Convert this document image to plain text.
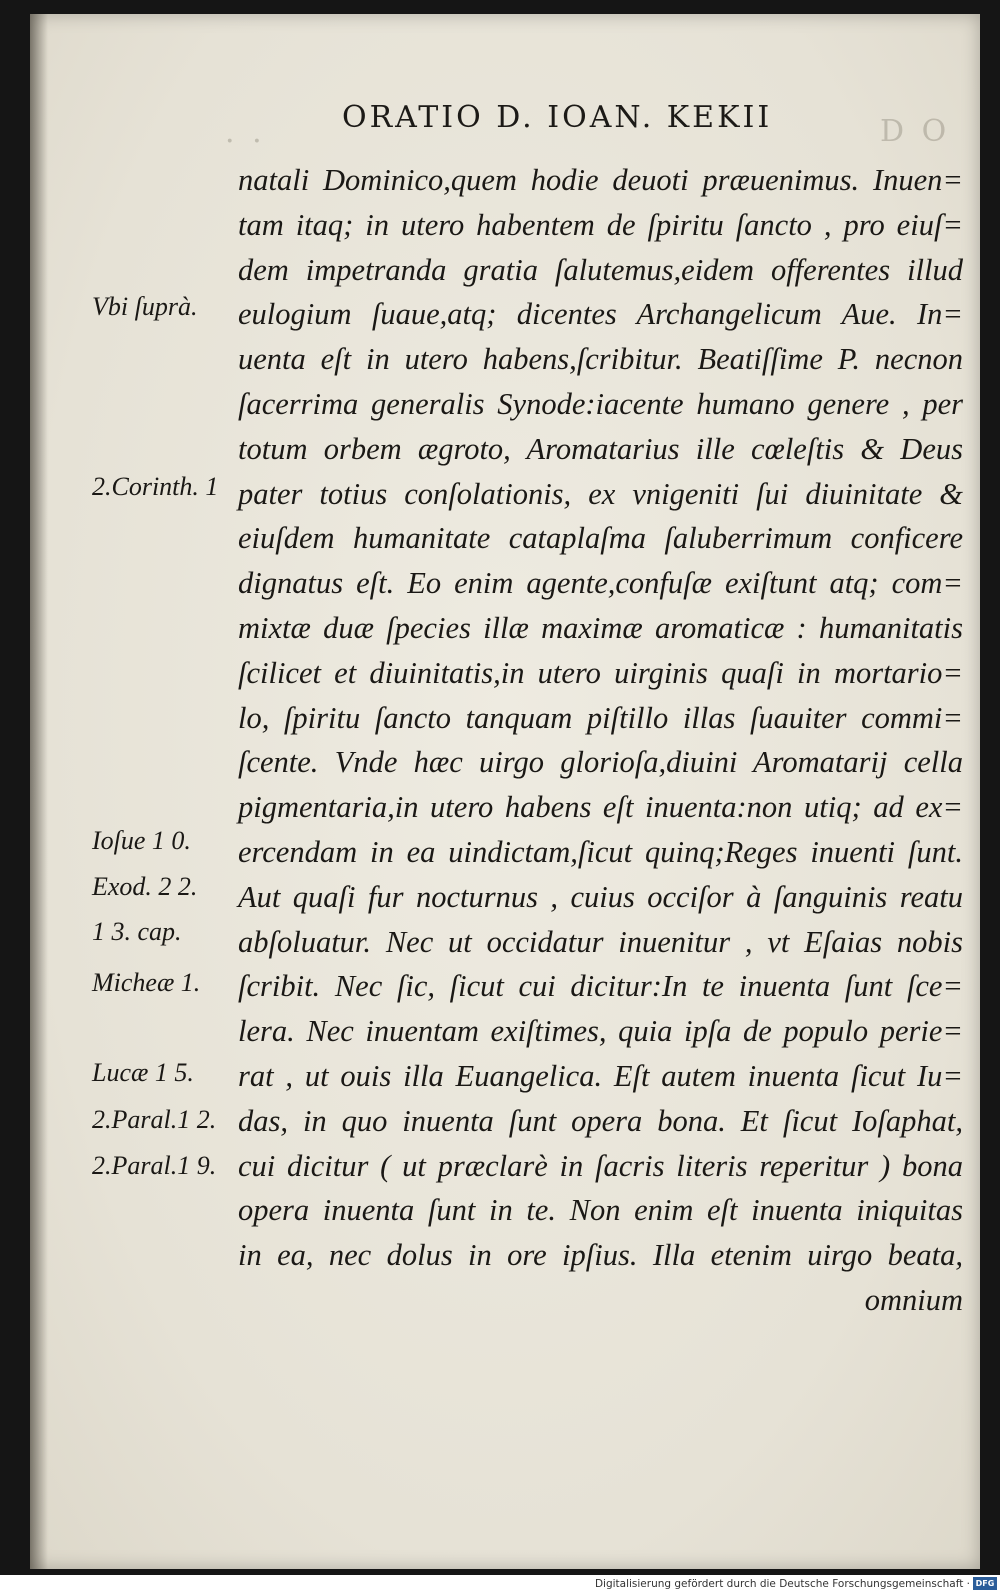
· ·	D O
ORATIO D. IOAN. KEKII
Vbi ſuprà.
2.Corinth. 1
Ioſue 1 0.
Exod. 2 2.
1 3. cap.
Micheæ 1.
Lucæ 1 5.
2.Paral.1 2.
2.Paral.1 9.
natali Dominico,quem hodie deuoti præuenimus. Inuen=
tam itaq; in utero habentem de ſpiritu ſancto , pro eiuſ=
dem impetranda gratia ſalutemus,eidem offerentes illud
eulogium ſuaue,atq; dicentes Archangelicum Aue. In=
uenta eſt in utero habens,ſcribitur. Beatiſſime P. necnon
ſacerrima generalis Synode:iacente humano genere , per
totum orbem ægroto, Aromatarius ille cœleſtis & Deus
pater totius conſolationis, ex vnigeniti ſui diuinitate &
eiuſdem humanitate cataplaſma ſaluberrimum conficere
dignatus eſt. Eo enim agente,confuſæ exiſtunt atq; com=
mixtæ duæ ſpecies illæ maximæ aromaticæ : humanitatis
ſcilicet et diuinitatis,in utero uirginis quaſi in mortario=
lo, ſpiritu ſancto tanquam piſtillo illas ſuauiter commi=
ſcente. Vnde hæc uirgo glorioſa,diuini Aromatarij cella
pigmentaria,in utero habens eſt inuenta:non utiq; ad ex=
ercendam in ea uindictam,ſicut quinq;Reges inuenti ſunt.
Aut quaſi fur nocturnus , cuius occiſor à ſanguinis reatu
abſoluatur. Nec ut occidatur inuenitur , vt Eſaias nobis
ſcribit. Nec ſic, ſicut cui dicitur:In te inuenta ſunt ſce=
lera. Nec inuentam exiſtimes, quia ipſa de populo perie=
rat , ut ouis illa Euangelica. Eſt autem inuenta ſicut Iu=
das, in quo inuenta ſunt opera bona. Et ſicut Ioſaphat,
cui dicitur ( ut præclarè in ſacris literis reperitur ) bona
opera inuenta ſunt in te. Non enim eſt inuenta iniquitas
in ea, nec dolus in ore ipſius. Illa etenim uirgo beata,
omnium
Digitalisierung gefördert durch die Deutsche Forschungsgemeinschaft · DFG
